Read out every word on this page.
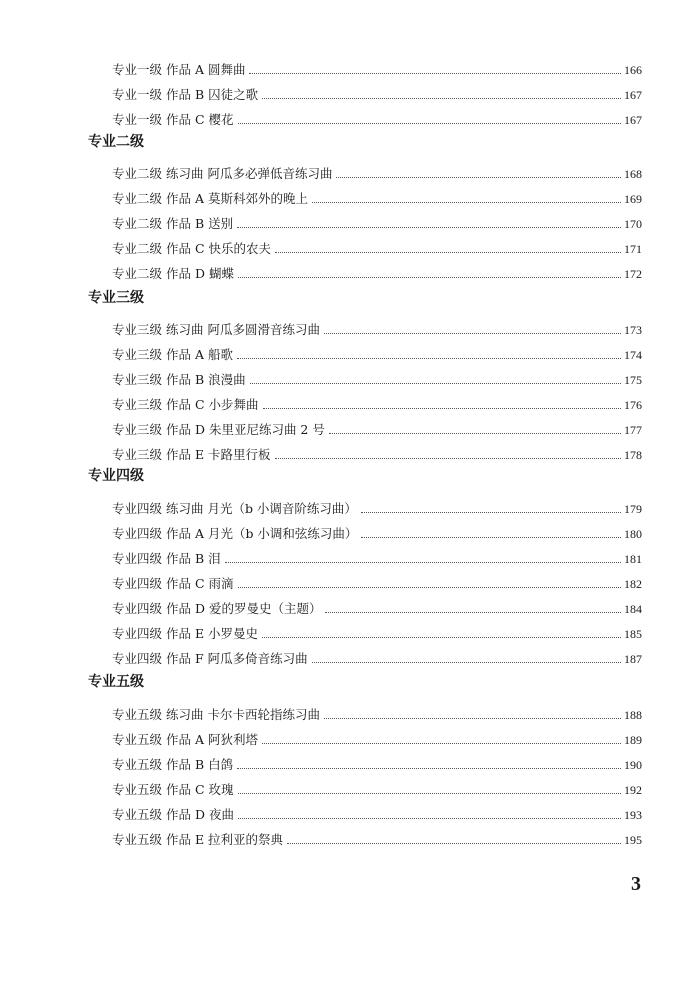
专业一级 作品 A 圆舞曲	166
专业一级 作品 B 囚徒之歌	167
专业一级 作品 C 樱花	167
专业二级
专业二级 练习曲 阿瓜多必弹低音练习曲	168
专业二级 作品 A 莫斯科郊外的晚上	169
专业二级 作品 B 送别	170
专业二级 作品 C 快乐的农夫	171
专业二级 作品 D 蝴蝶	172
专业三级
专业三级 练习曲 阿瓜多圆滑音练习曲	173
专业三级 作品 A 船歌	174
专业三级 作品 B 浪漫曲	175
专业三级 作品 C 小步舞曲	176
专业三级 作品 D 朱里亚尼练习曲 2 号	177
专业三级 作品 E 卡路里行板	178
专业四级
专业四级 练习曲 月光（b 小调音阶练习曲）	179
专业四级 作品 A 月光（b 小调和弦练习曲）	180
专业四级 作品 B 泪	181
专业四级 作品 C 雨滴	182
专业四级 作品 D 爱的罗曼史（主题）	184
专业四级 作品 E 小罗曼史	185
专业四级 作品 F 阿瓜多倚音练习曲	187
专业五级
专业五级 练习曲 卡尔卡西轮指练习曲	188
专业五级 作品 A 阿狄利塔	189
专业五级 作品 B 白鸽	190
专业五级 作品 C 玫瑰	192
专业五级 作品 D 夜曲	193
专业五级 作品 E 拉利亚的祭典	195
3
